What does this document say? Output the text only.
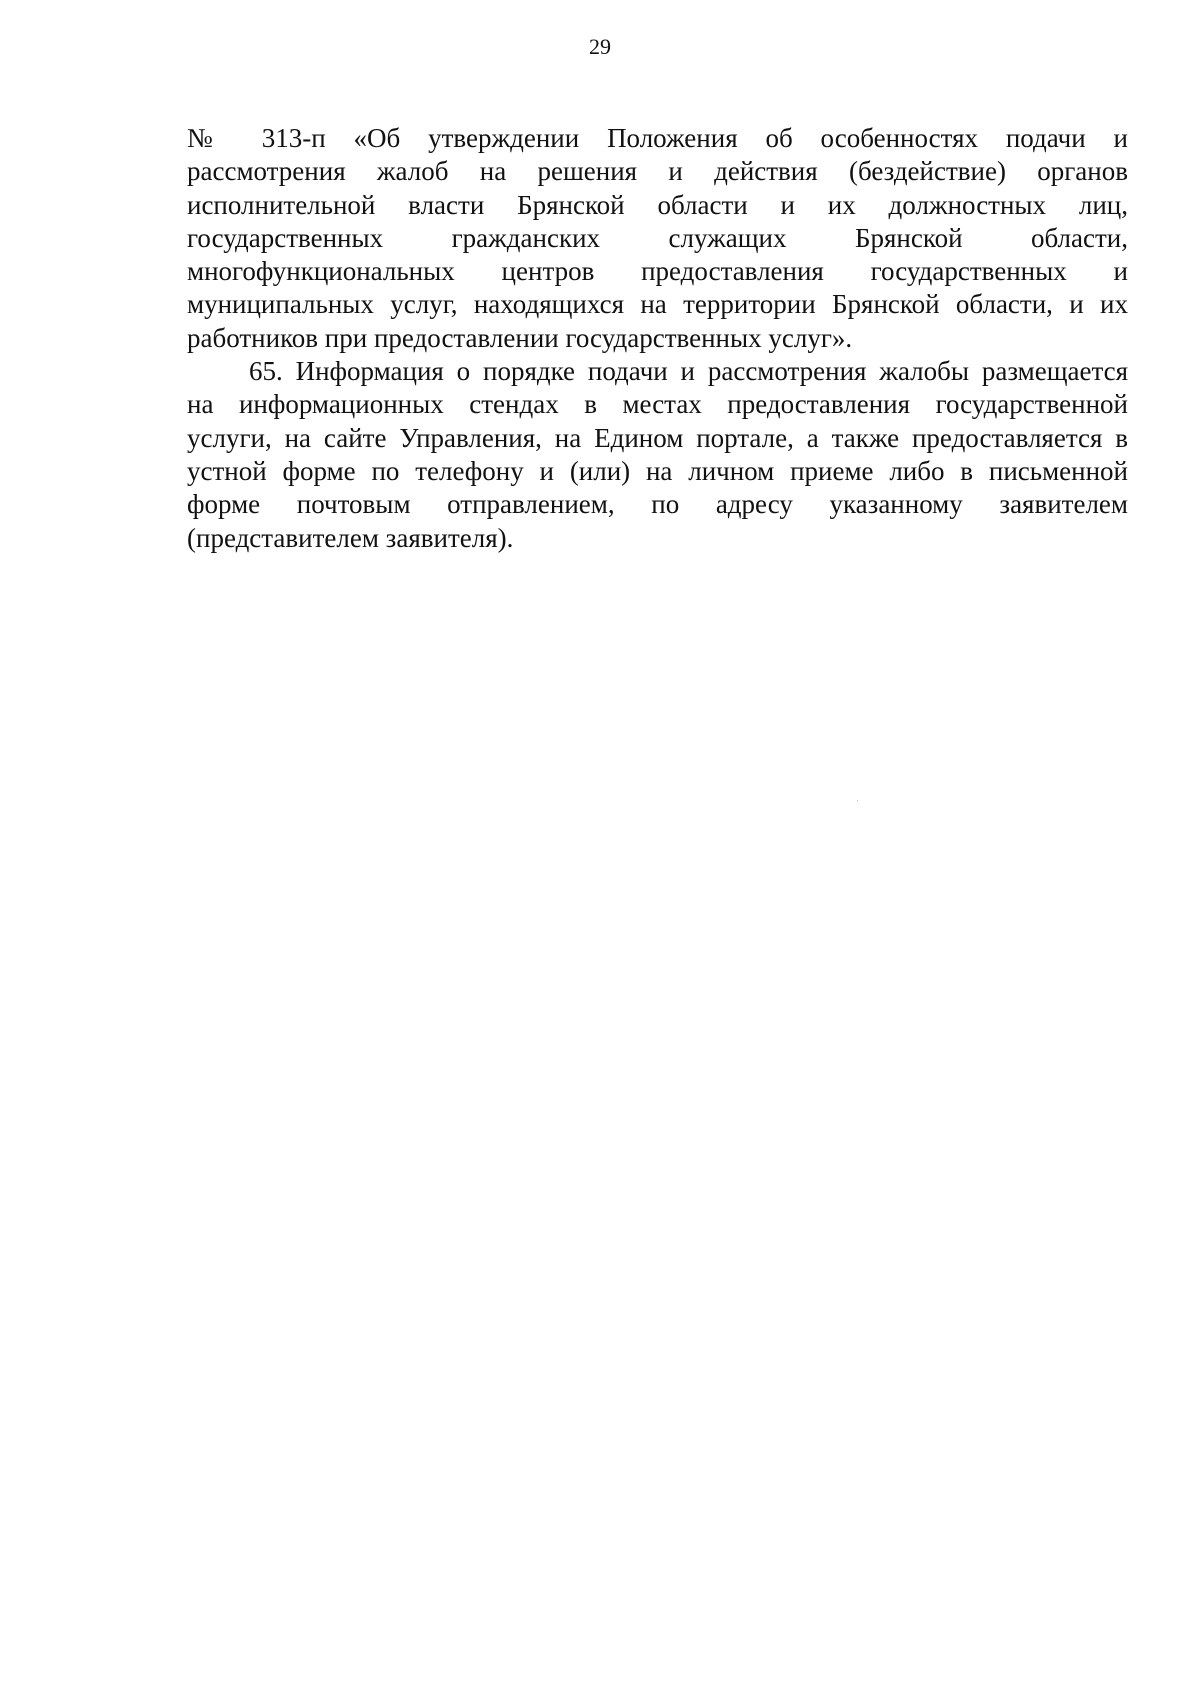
29
№ 313-п «Об утверждении Положения об особенностях подачи и
рассмотрения жалоб на решения и действия (бездействие) органов
исполнительной власти Брянской области и их должностных лиц,
государственных гражданских служащих Брянской области,
многофункциональных центров предоставления государственных и
муниципальных услуг, находящихся на территории Брянской области, и их
работников при предоставлении государственных услуг».
65. Информация о порядке подачи и рассмотрения жалобы размещается
на информационных стендах в местах предоставления государственной
услуги, на сайте Управления, на Едином портале, а также предоставляется в
устной форме по телефону и (или) на личном приеме либо в письменной
форме почтовым отправлением, по адресу указанному заявителем
(представителем заявителя).
